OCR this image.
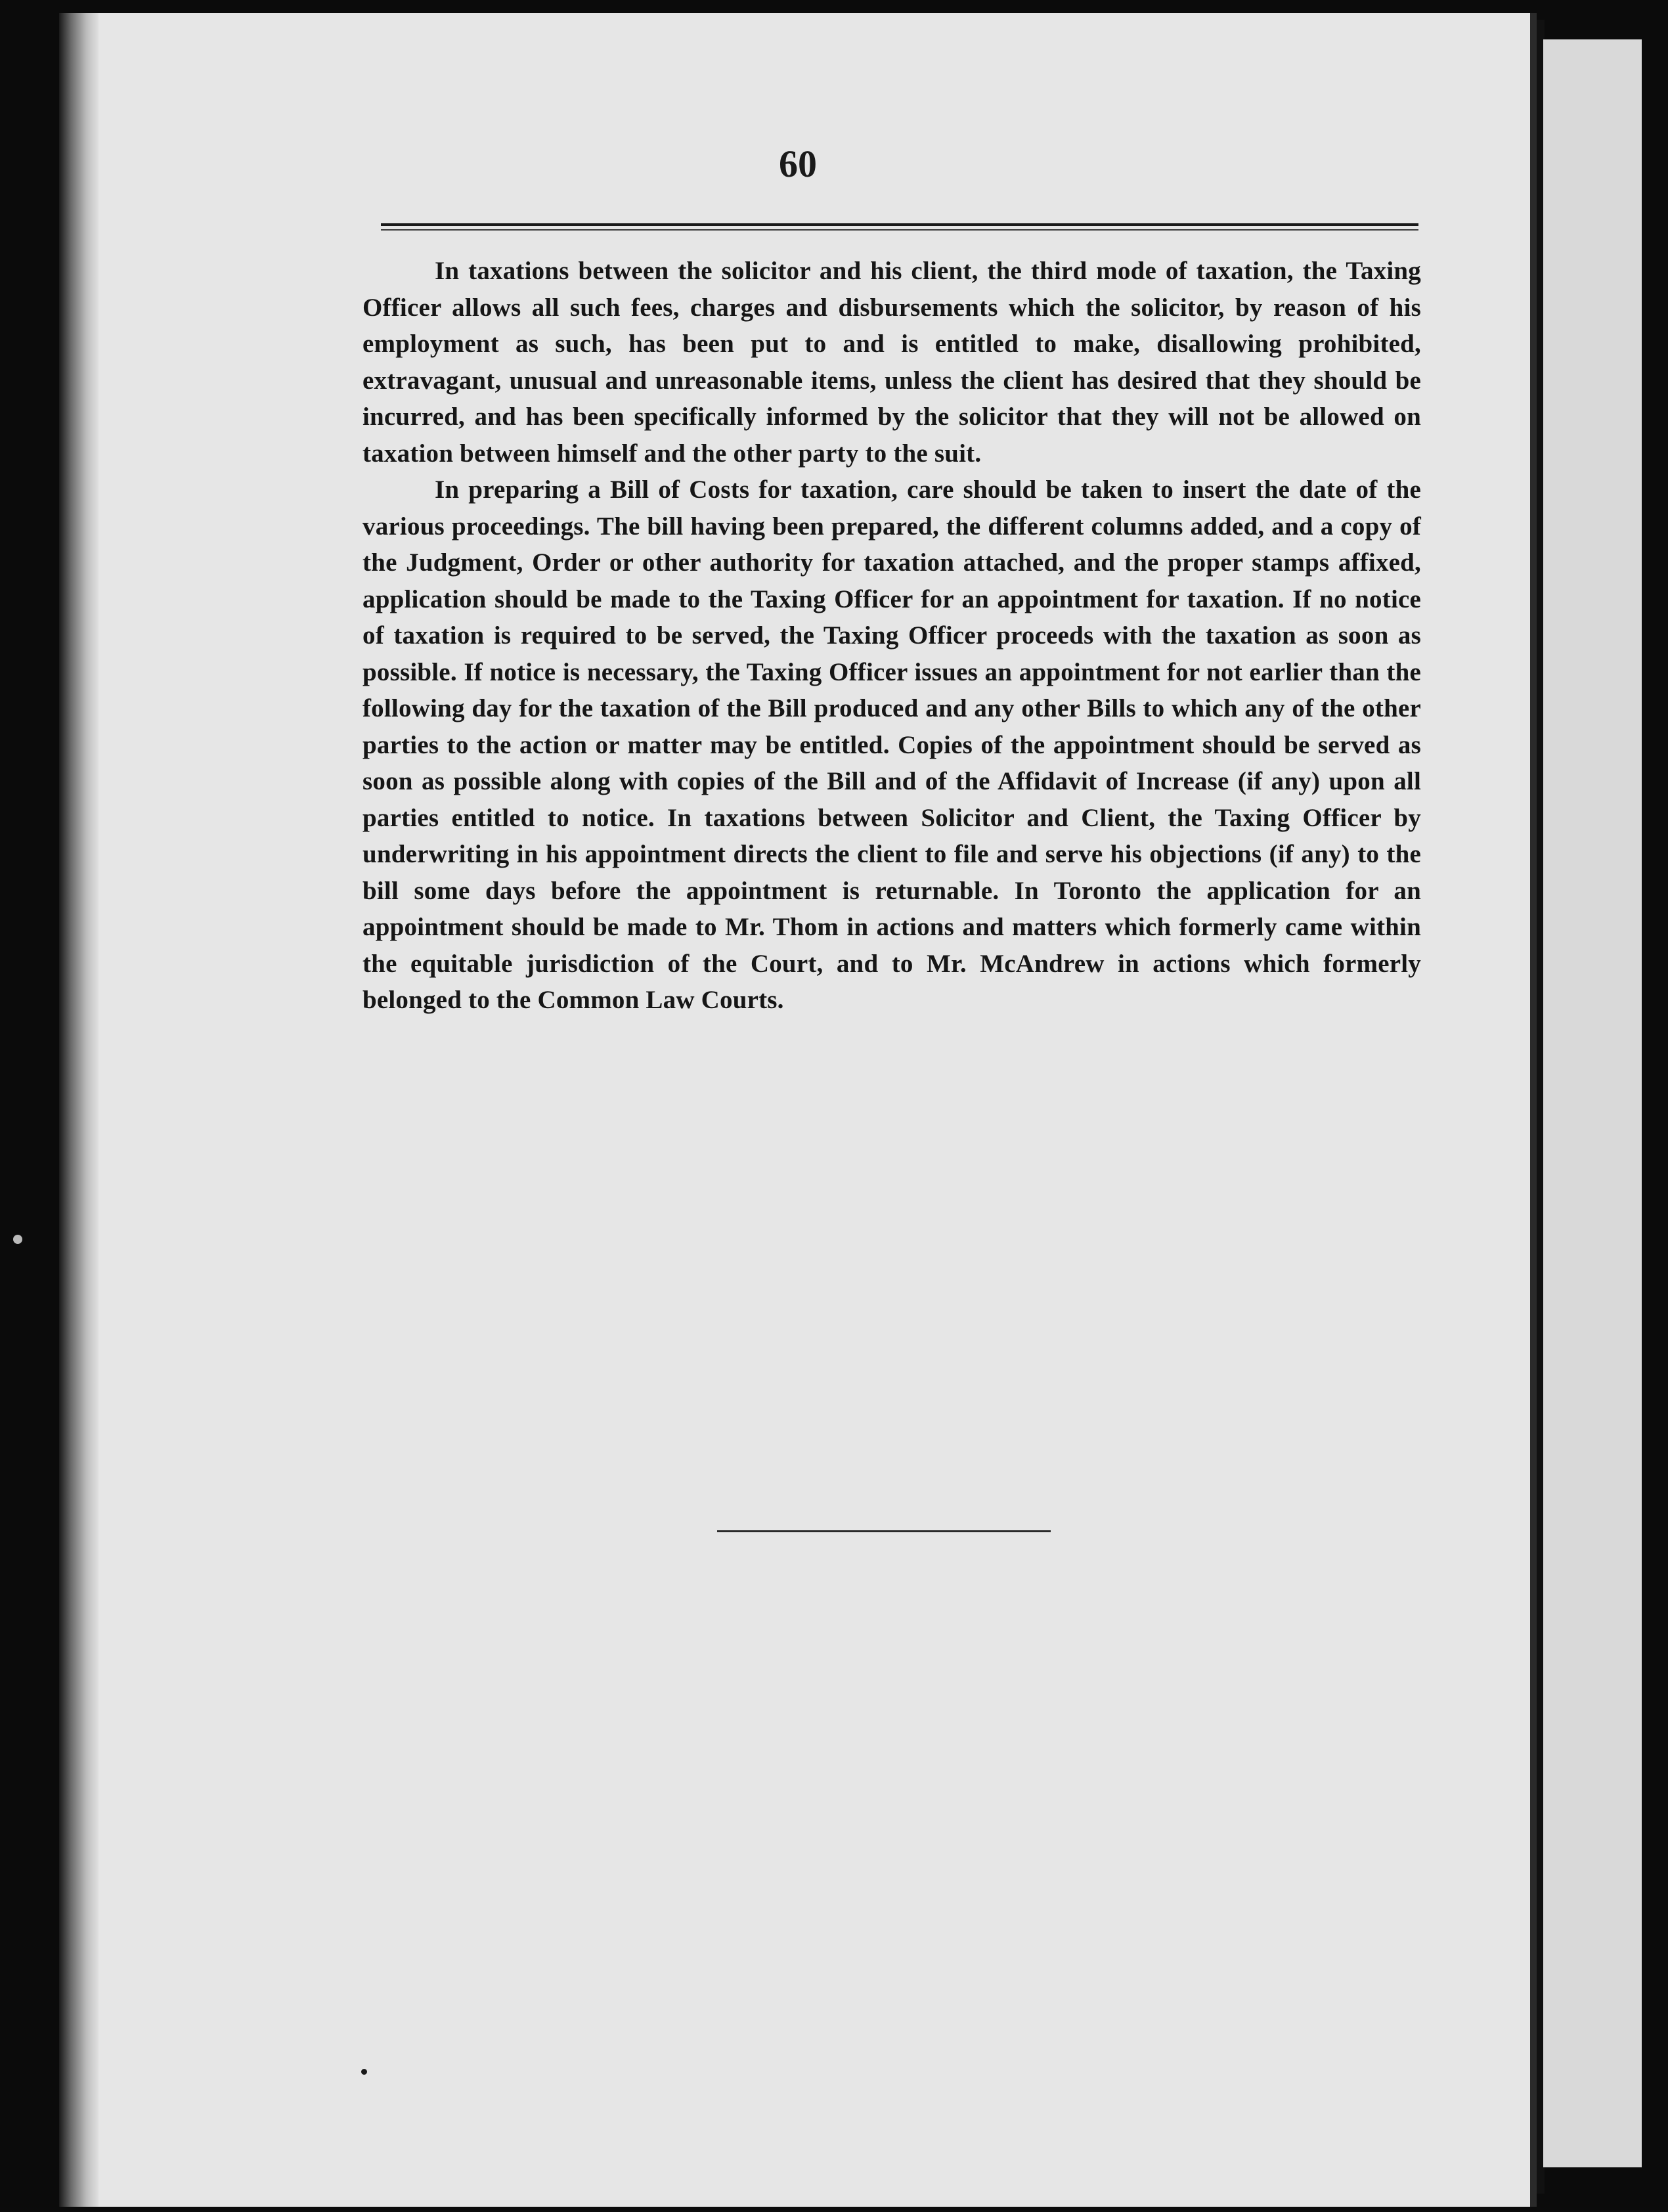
60

In taxations between the solicitor and his client, the third mode of taxation, the Taxing Officer allows all such fees, charges and disbursements which the solicitor, by reason of his employment as such, has been put to and is entitled to make, disallowing prohibited, extravagant, unusual and unreasonable items, unless the client has desired that they should be incurred, and has been specifically informed by the solicitor that they will not be allowed on taxation between himself and the other party to the suit.

In preparing a Bill of Costs for taxation, care should be taken to insert the date of the various proceedings. The bill having been prepared, the different columns added, and a copy of the Judgment, Order or other authority for taxation attached, and the proper stamps affixed, application should be made to the Taxing Officer for an appointment for taxation. If no notice of taxation is required to be served, the Taxing Officer proceeds with the taxation as soon as possible. If notice is necessary, the Taxing Officer issues an appointment for not earlier than the following day for the taxation of the Bill produced and any other Bills to which any of the other parties to the action or matter may be entitled. Copies of the appointment should be served as soon as possible along with copies of the Bill and of the Affidavit of Increase (if any) upon all parties entitled to notice. In taxations between Solicitor and Client, the Taxing Officer by underwriting in his appointment directs the client to file and serve his objections (if any) to the bill some days before the appointment is returnable. In Toronto the application for an appointment should be made to Mr. Thom in actions and matters which formerly came within the equitable jurisdiction of the Court, and to Mr. McAndrew in actions which formerly belonged to the Common Law Courts.
